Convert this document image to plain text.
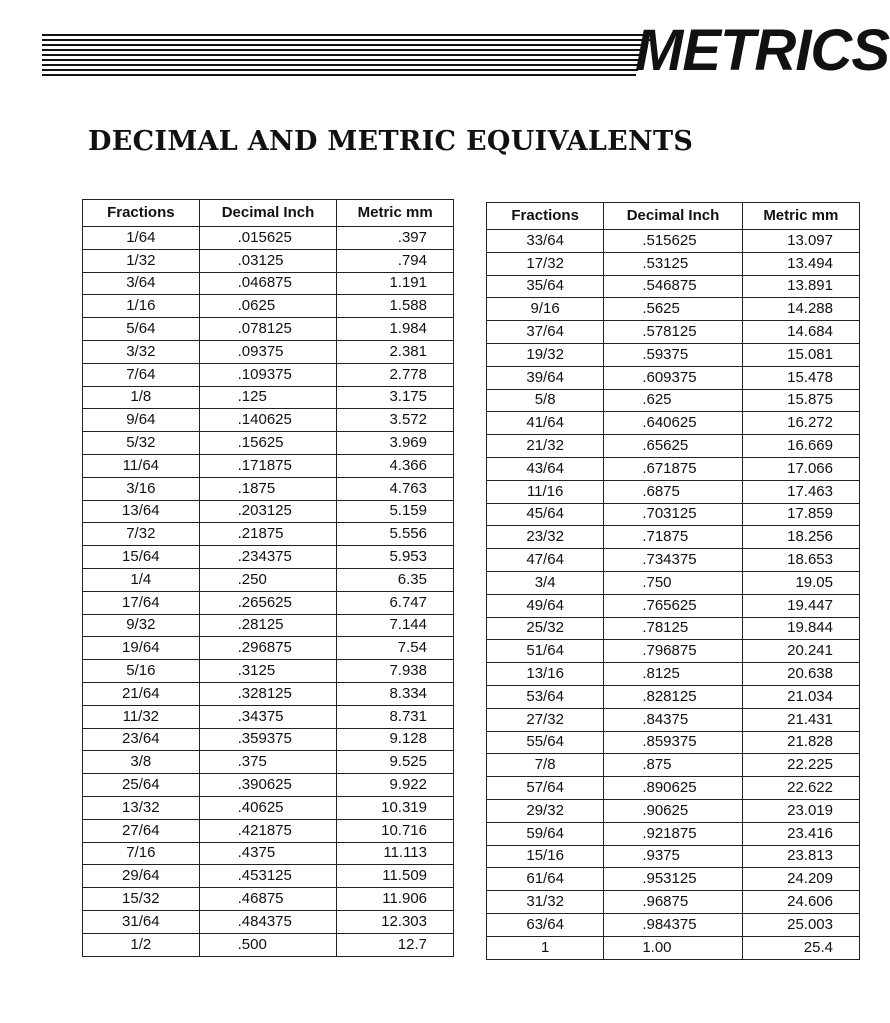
METRICS
DECIMAL AND METRIC EQUIVALENTS
Fractions	Decimal Inch	Metric mm
1/64	.015625	.397
1/32	.03125	.794
3/64	.046875	1.191
1/16	.0625	1.588
5/64	.078125	1.984
3/32	.09375	2.381
7/64	.109375	2.778
1/8	.125	3.175
9/64	.140625	3.572
5/32	.15625	3.969
11/64	.171875	4.366
3/16	.1875	4.763
13/64	.203125	5.159
7/32	.21875	5.556
15/64	.234375	5.953
1/4	.250	6.35
17/64	.265625	6.747
9/32	.28125	7.144
19/64	.296875	7.54
5/16	.3125	7.938
21/64	.328125	8.334
11/32	.34375	8.731
23/64	.359375	9.128
3/8	.375	9.525
25/64	.390625	9.922
13/32	.40625	10.319
27/64	.421875	10.716
7/16	.4375	11.113
29/64	.453125	11.509
15/32	.46875	11.906
31/64	.484375	12.303
1/2	.500	12.7
Fractions	Decimal Inch	Metric mm
33/64	.515625	13.097
17/32	.53125	13.494
35/64	.546875	13.891
9/16	.5625	14.288
37/64	.578125	14.684
19/32	.59375	15.081
39/64	.609375	15.478
5/8	.625	15.875
41/64	.640625	16.272
21/32	.65625	16.669
43/64	.671875	17.066
11/16	.6875	17.463
45/64	.703125	17.859
23/32	.71875	18.256
47/64	.734375	18.653
3/4	.750	19.05
49/64	.765625	19.447
25/32	.78125	19.844
51/64	.796875	20.241
13/16	.8125	20.638
53/64	.828125	21.034
27/32	.84375	21.431
55/64	.859375	21.828
7/8	.875	22.225
57/64	.890625	22.622
29/32	.90625	23.019
59/64	.921875	23.416
15/16	.9375	23.813
61/64	.953125	24.209
31/32	.96875	24.606
63/64	.984375	25.003
1	1.00	25.4
